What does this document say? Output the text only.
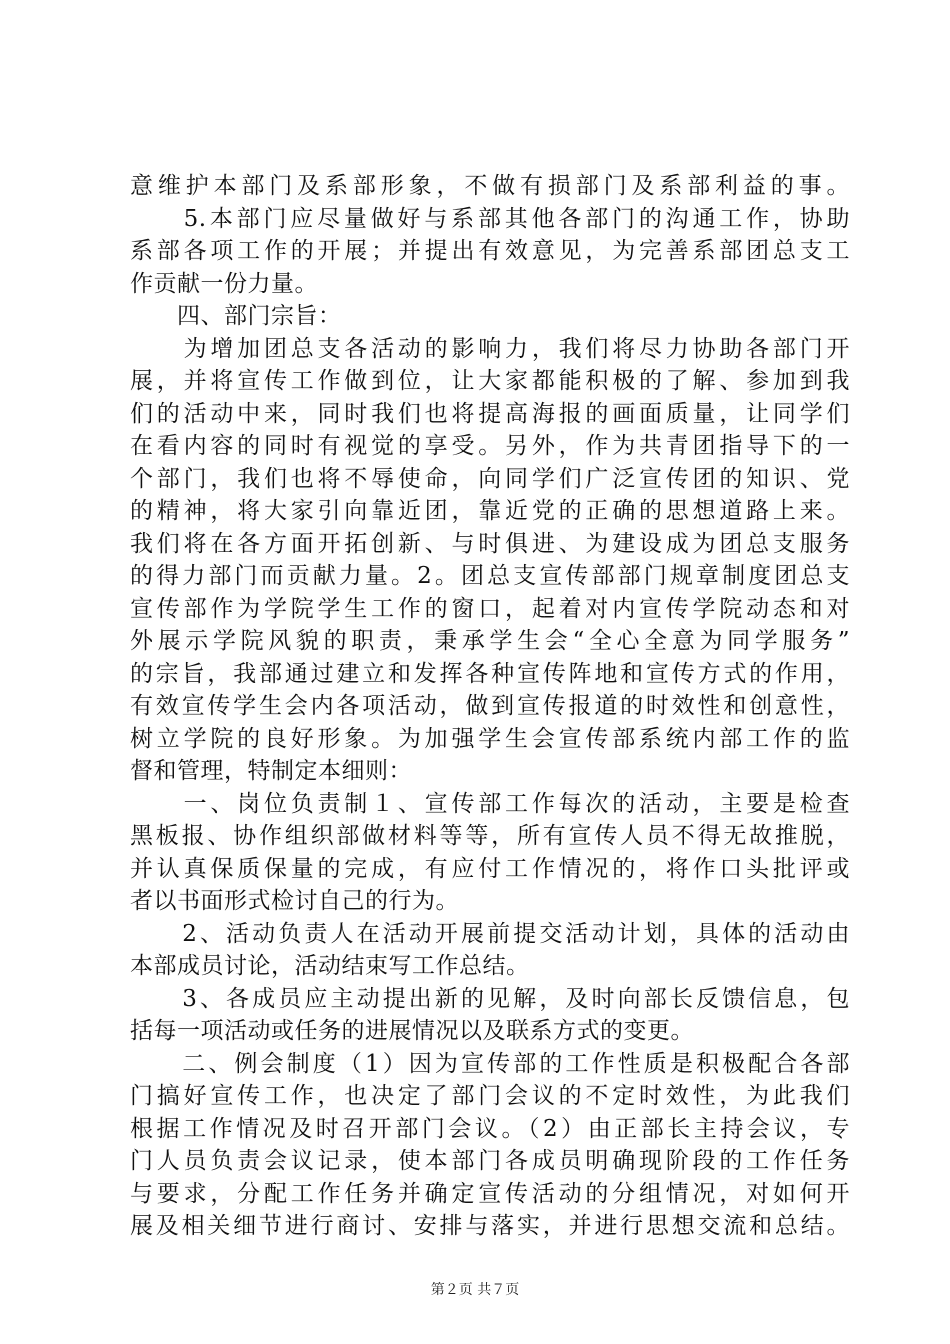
意维护本部门及系部形象，不做有损部门及系部利益的事。
　　5.本部门应尽量做好与系部其他各部门的沟通工作，协助
系部各项工作的开展；并提出有效意见，为完善系部团总支工
作贡献一份力量。
　　四、部门宗旨：
　　为增加团总支各活动的影响力，我们将尽力协助各部门开
展，并将宣传工作做到位，让大家都能积极的了解、参加到我
们的活动中来，同时我们也将提高海报的画面质量，让同学们
在看内容的同时有视觉的享受。另外，作为共青团指导下的一
个部门，我们也将不辱使命，向同学们广泛宣传团的知识、党
的精神，将大家引向靠近团，靠近党的正确的思想道路上来。
我们将在各方面开拓创新、与时俱进、为建设成为团总支服务
的得力部门而贡献力量。2。团总支宣传部部门规章制度团总支
宣传部作为学院学生工作的窗口，起着对内宣传学院动态和对
外展示学院风貌的职责，秉承学生会“全心全意为同学服务”
的宗旨，我部通过建立和发挥各种宣传阵地和宣传方式的作用，
有效宣传学生会内各项活动，做到宣传报道的时效性和创意性，
树立学院的良好形象。为加强学生会宣传部系统内部工作的监
督和管理，特制定本细则：
　　一、岗位负责制１、宣传部工作每次的活动，主要是检查
黑板报、协作组织部做材料等等，所有宣传人员不得无故推脱，
并认真保质保量的完成，有应付工作情况的，将作口头批评或
者以书面形式检讨自己的行为。
　　2、活动负责人在活动开展前提交活动计划，具体的活动由
本部成员讨论，活动结束写工作总结。
　　3、各成员应主动提出新的见解，及时向部长反馈信息，包
括每一项活动或任务的进展情况以及联系方式的变更。
　　二、例会制度（1）因为宣传部的工作性质是积极配合各部
门搞好宣传工作，也决定了部门会议的不定时效性，为此我们
根据工作情况及时召开部门会议。（2）由正部长主持会议，专
门人员负责会议记录，使本部门各成员明确现阶段的工作任务
与要求，分配工作任务并确定宣传活动的分组情况，对如何开
展及相关细节进行商讨、安排与落实，并进行思想交流和总结。
第２页 共７页
